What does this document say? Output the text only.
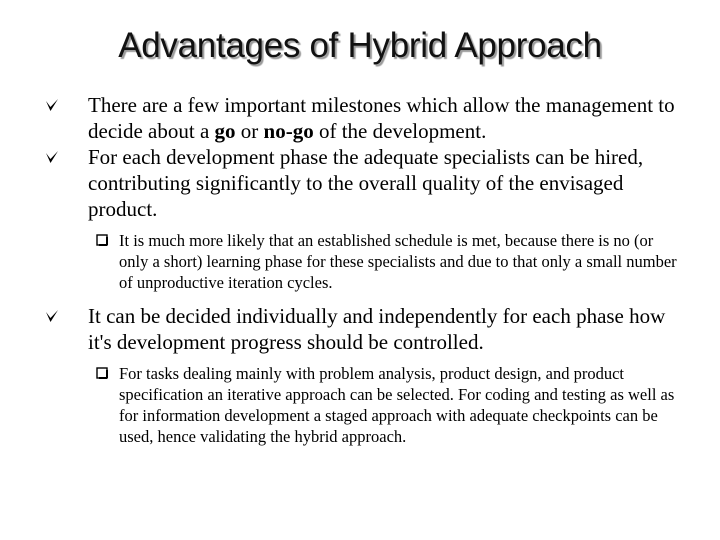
Advantages of Hybrid Approach
There are a few important milestones which allow the management to decide about a go or no-go of the development.
For each development phase the adequate specialists can be hired, contributing significantly to the overall quality of the envisaged product.
It is much more likely that an established schedule is met, because there is no (or only a short) learning phase for these specialists and due to that only a small number of unproductive iteration cycles.
It can be decided individually and independently for each phase how it's development progress should be controlled.
For tasks dealing mainly with problem analysis, product design, and product specification an iterative approach can be selected. For coding and testing as well as for information development a staged approach with adequate checkpoints can be used, hence validating the hybrid approach.
